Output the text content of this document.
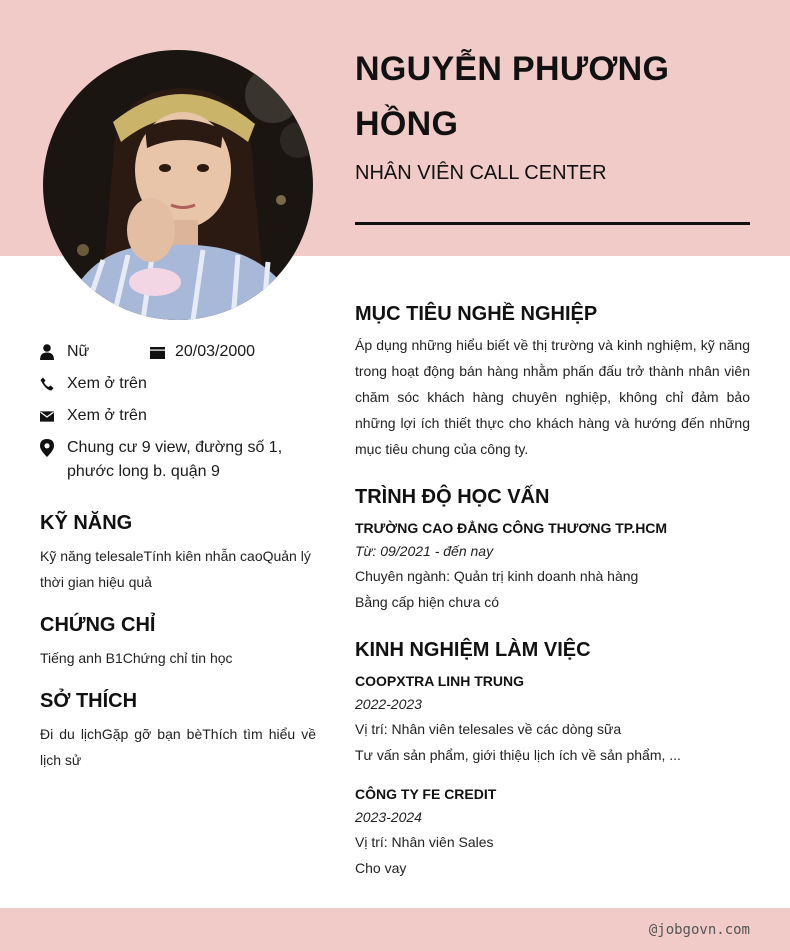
NGUYỄN PHƯƠNG HỒNG
NHÂN VIÊN CALL CENTER
Nữ	20/03/2000
Xem ở trên
Xem ở trên
Chung cư 9 view, đường số 1, phước long b. quận 9
KỸ NĂNG
Kỹ năng telesaleTính kiên nhẫn caoQuản lý thời gian hiệu quả
CHỨNG CHỈ
Tiếng anh B1Chứng chỉ tin học
SỞ THÍCH
Đi du lịchGặp gỡ bạn bèThích tìm hiểu về lịch sử
MỤC TIÊU NGHỀ NGHIỆP
Áp dụng những hiểu biết về thị trường và kinh nghiệm, kỹ năng trong hoạt động bán hàng nhằm phấn đấu trở thành nhân viên chăm sóc khách hàng chuyên nghiệp, không chỉ đảm bảo những lợi ích thiết thực cho khách hàng và hướng đến những mục tiêu chung của công ty.
TRÌNH ĐỘ HỌC VẤN
TRƯỜNG CAO ĐẲNG CÔNG THƯƠNG TP.HCM
Từ: 09/2021 - đến nay
Chuyên ngành: Quản trị kinh doanh nhà hàng
Bằng cấp hiện chưa có
KINH NGHIỆM LÀM VIỆC
COOPXTRA LINH TRUNG
2022-2023
Vị trí: Nhân viên telesales về các dòng sữa
Tư vấn sản phẩm, giới thiệu lịch ích về sản phẩm, ...
CÔNG TY FE CREDIT
2023-2024
Vị trí: Nhân viên Sales
Cho vay
@jobgovn.com
